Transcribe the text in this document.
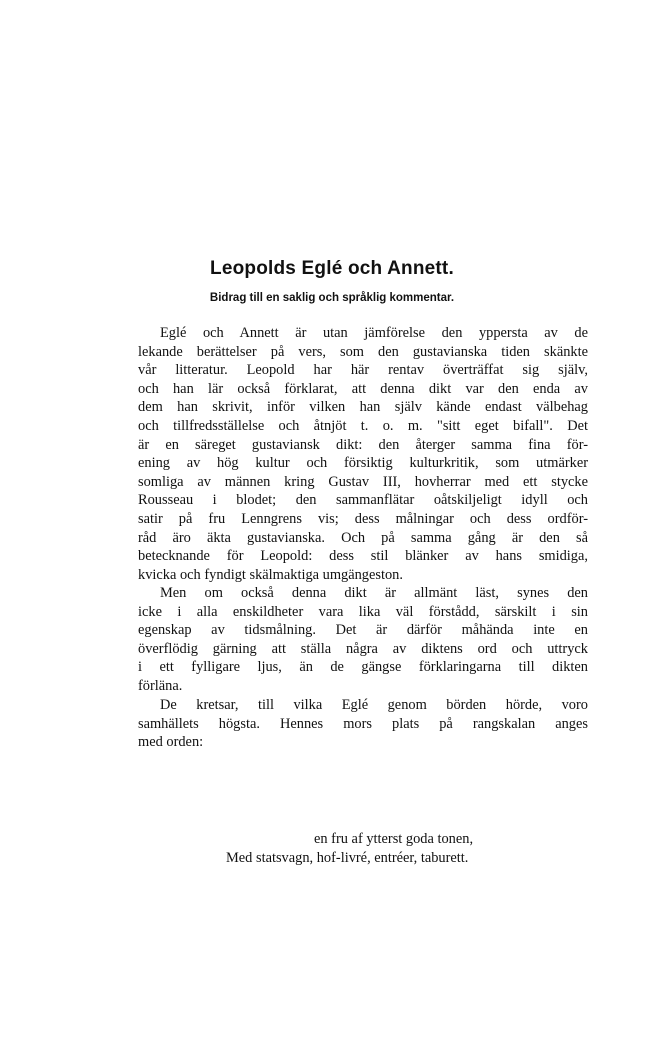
Leopolds Eglé och Annett.
Bidrag till en saklig och språklig kommentar.
Eglé och Annett är utan jämförelse den yppersta av de
lekande berättelser på vers, som den gustavianska tiden skänkte
vår litteratur. Leopold har här rentav överträffat sig själv,
och han lär också förklarat, att denna dikt var den enda av
dem han skrivit, inför vilken han själv kände endast välbehag
och tillfredsställelse och åtnjöt t. o. m. "sitt eget bifall". Det
är en säreget gustaviansk dikt: den återger samma fina för-
ening av hög kultur och försiktig kulturkritik, som utmärker
somliga av männen kring Gustav III, hovherrar med ett stycke
Rousseau i blodet; den sammanflätar oåtskiljeligt idyll och
satir på fru Lenngrens vis; dess målningar och dess ordför-
råd äro äkta gustavianska. Och på samma gång är den så
betecknande för Leopold: dess stil blänker av hans smidiga,
kvicka och fyndigt skälmaktiga umgängeston.
Men om också denna dikt är allmänt läst, synes den
icke i alla enskildheter vara lika väl förstådd, särskilt i sin
egenskap av tidsmålning. Det är därför måhända inte en
överflödig gärning att ställa några av diktens ord och uttryck
i ett fylligare ljus, än de gängse förklaringarna till dikten
förläna.
De kretsar, till vilka Eglé genom börden hörde, voro
samhällets högsta. Hennes mors plats på rangskalan anges
med orden:
en fru af ytterst goda tonen,
Med statsvagn, hof-livré, entréer, taburett.
